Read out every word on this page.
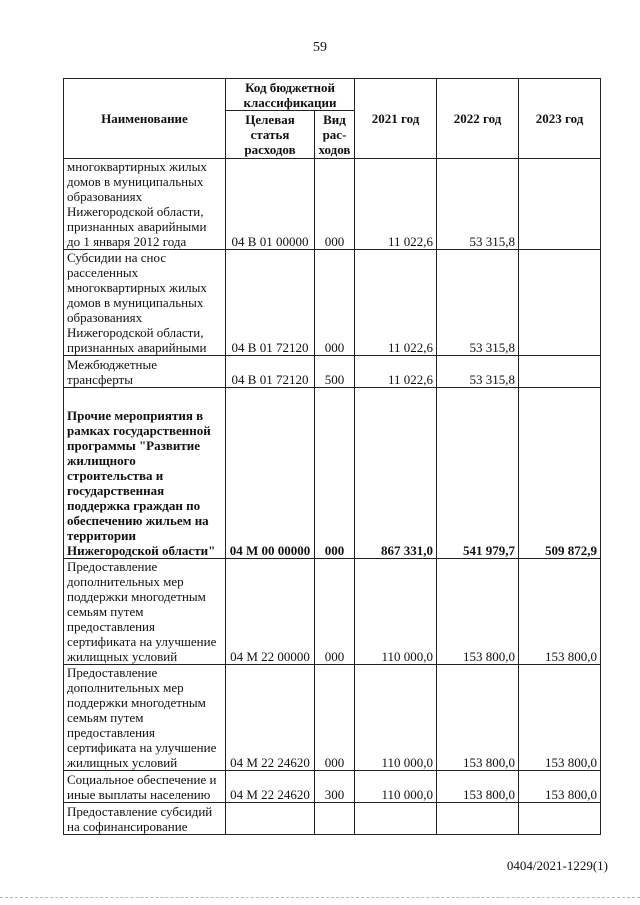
59
Наименование	Код бюджетной классификации		2021 год	2022 год	2023 год
	Целевая статья расходов	Вид рас-ходов			
многоквартирных жилых домов в муниципальных образованиях Нижегородской области, признанных аварийными до 1 января 2012 года	04 В 01 00000	000	11 022,6	53 315,8	
Субсидии на снос расселенных многоквартирных жилых домов в муниципальных образованиях Нижегородской области, признанных аварийными	04 В 01 72120	000	11 022,6	53 315,8	
Межбюджетные трансферты	04 В 01 72120	500	11 022,6	53 315,8	
Прочие мероприятия в рамках государственной программы "Развитие жилищного строительства и государственная поддержка граждан по обеспечению жильем на территории Нижегородской области"	04 М 00 00000	000	867 331,0	541 979,7	509 872,9
Предоставление дополнительных мер поддержки многодетным семьям путем предоставления сертификата на улучшение жилищных условий	04 М 22 00000	000	110 000,0	153 800,0	153 800,0
Предоставление дополнительных мер поддержки многодетным семьям путем предоставления сертификата на улучшение жилищных условий	04 М 22 24620	000	110 000,0	153 800,0	153 800,0
Социальное обеспечение и иные выплаты населению	04 М 22 24620	300	110 000,0	153 800,0	153 800,0
Предоставление субсидий на софинансирование					
0404/2021-1229(1)
